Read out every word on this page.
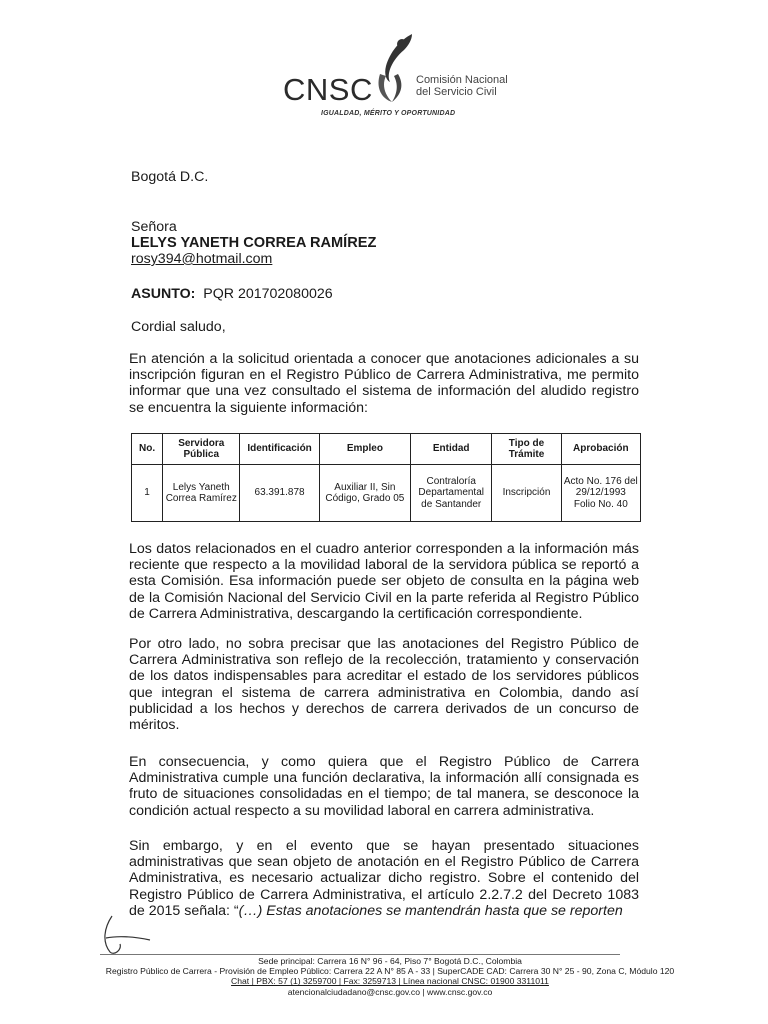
CNSC	Comisión Nacional
del Servicio Civil
IGUALDAD, MÉRITO Y OPORTUNIDAD
Bogotá D.C.
Señora
LELYS YANETH CORREA RAMÍREZ
rosy394@hotmail.com
ASUNTO: PQR 201702080026
Cordial saludo,

En atención a la solicitud orientada a conocer que anotaciones adicionales a su inscripción figuran en el Registro Público de Carrera Administrativa, me permito informar que una vez consultado el sistema de información del aludido registro se encuentra la siguiente información:

No.	Servidora Pública	Identificación	Empleo	Entidad	Tipo de Trámite	Aprobación
1	Lelys Yaneth Correa Ramírez	63.391.878	Auxiliar II, Sin Código, Grado 05	Contraloría Departamental de Santander	Inscripción	Acto No. 176 del 29/12/1993 Folio No. 40

Los datos relacionados en el cuadro anterior corresponden a la información más reciente que respecto a la movilidad laboral de la servidora pública se reportó a esta Comisión. Esa información puede ser objeto de consulta en la página web de la Comisión Nacional del Servicio Civil en la parte referida al Registro Público de Carrera Administrativa, descargando la certificación correspondiente.

Por otro lado, no sobra precisar que las anotaciones del Registro Público de Carrera Administrativa son reflejo de la recolección, tratamiento y conservación de los datos indispensables para acreditar el estado de los servidores públicos que integran el sistema de carrera administrativa en Colombia, dando así publicidad a los hechos y derechos de carrera derivados de un concurso de méritos.

En consecuencia, y como quiera que el Registro Público de Carrera Administrativa cumple una función declarativa, la información allí consignada es fruto de situaciones consolidadas en el tiempo; de tal manera, se desconoce la condición actual respecto a su movilidad laboral en carrera administrativa.

Sin embargo, y en el evento que se hayan presentado situaciones administrativas que sean objeto de anotación en el Registro Público de Carrera Administrativa, es necesario actualizar dicho registro. Sobre el contenido del Registro Público de Carrera Administrativa, el artículo 2.2.7.2 del Decreto 1083 de 2015 señala: “(…) Estas anotaciones se mantendrán hasta que se reporten

Sede principal: Carrera 16 N° 96 - 64, Piso 7° Bogotá D.C., Colombia
Registro Público de Carrera - Provisión de Empleo Público: Carrera 22 A N° 85 A - 33 | SuperCADE CAD: Carrera 30 N° 25 - 90, Zona C, Módulo 120
Chat | PBX: 57 (1) 3259700 | Fax: 3259713 | Línea nacional CNSC: 01900 3311011
atencionalciudadano@cnsc.gov.co | www.cnsc.gov.co
